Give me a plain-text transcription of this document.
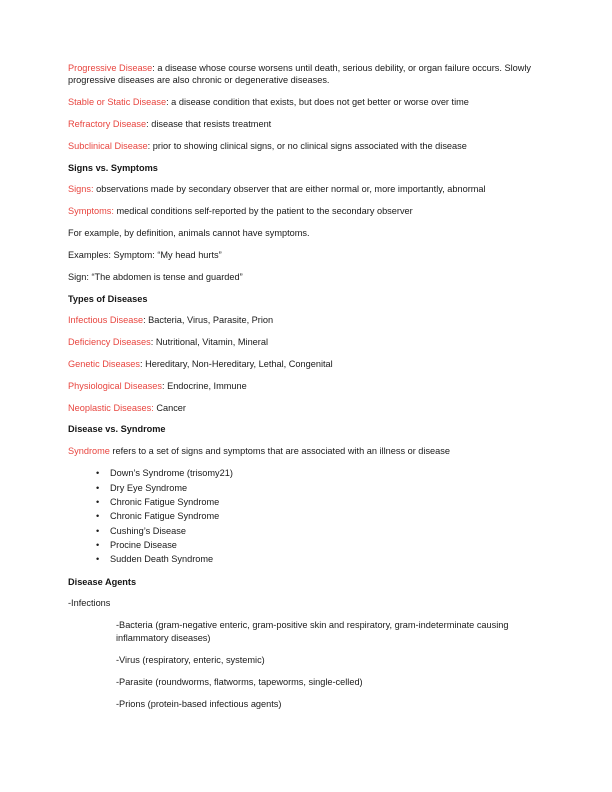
Progressive Disease: a disease whose course worsens until death, serious debility, or organ failure occurs. Slowly progressive diseases are also chronic or degenerative diseases.

Stable or Static Disease: a disease condition that exists, but does not get better or worse over time

Refractory Disease: disease that resists treatment

Subclinical Disease: prior to showing clinical signs, or no clinical signs associated with the disease

Signs vs. Symptoms

Signs: observations made by secondary observer that are either normal or, more importantly, abnormal

Symptoms: medical conditions self-reported by the patient to the secondary observer

For example, by definition, animals cannot have symptoms.

Examples: Symptom: “My head hurts”

Sign: “The abdomen is tense and guarded”

Types of Diseases

Infectious Disease: Bacteria, Virus, Parasite, Prion

Deficiency Diseases: Nutritional, Vitamin, Mineral

Genetic Diseases: Hereditary, Non-Hereditary, Lethal, Congenital

Physiological Diseases: Endocrine, Immune

Neoplastic Diseases: Cancer

Disease vs. Syndrome

Syndrome refers to a set of signs and symptoms that are associated with an illness or disease

• Down’s Syndrome (trisomy21)
• Dry Eye Syndrome
• Chronic Fatigue Syndrome
• Chronic Fatigue Syndrome
• Cushing’s Disease
• Procine Disease
• Sudden Death Syndrome
Disease Agents

-Infections

-Bacteria (gram-negative enteric, gram-positive skin and respiratory, gram-indeterminate causing inflammatory diseases)

-Virus (respiratory, enteric, systemic)

-Parasite (roundworms, flatworms, tapeworms, single-celled)

-Prions (protein-based infectious agents)
